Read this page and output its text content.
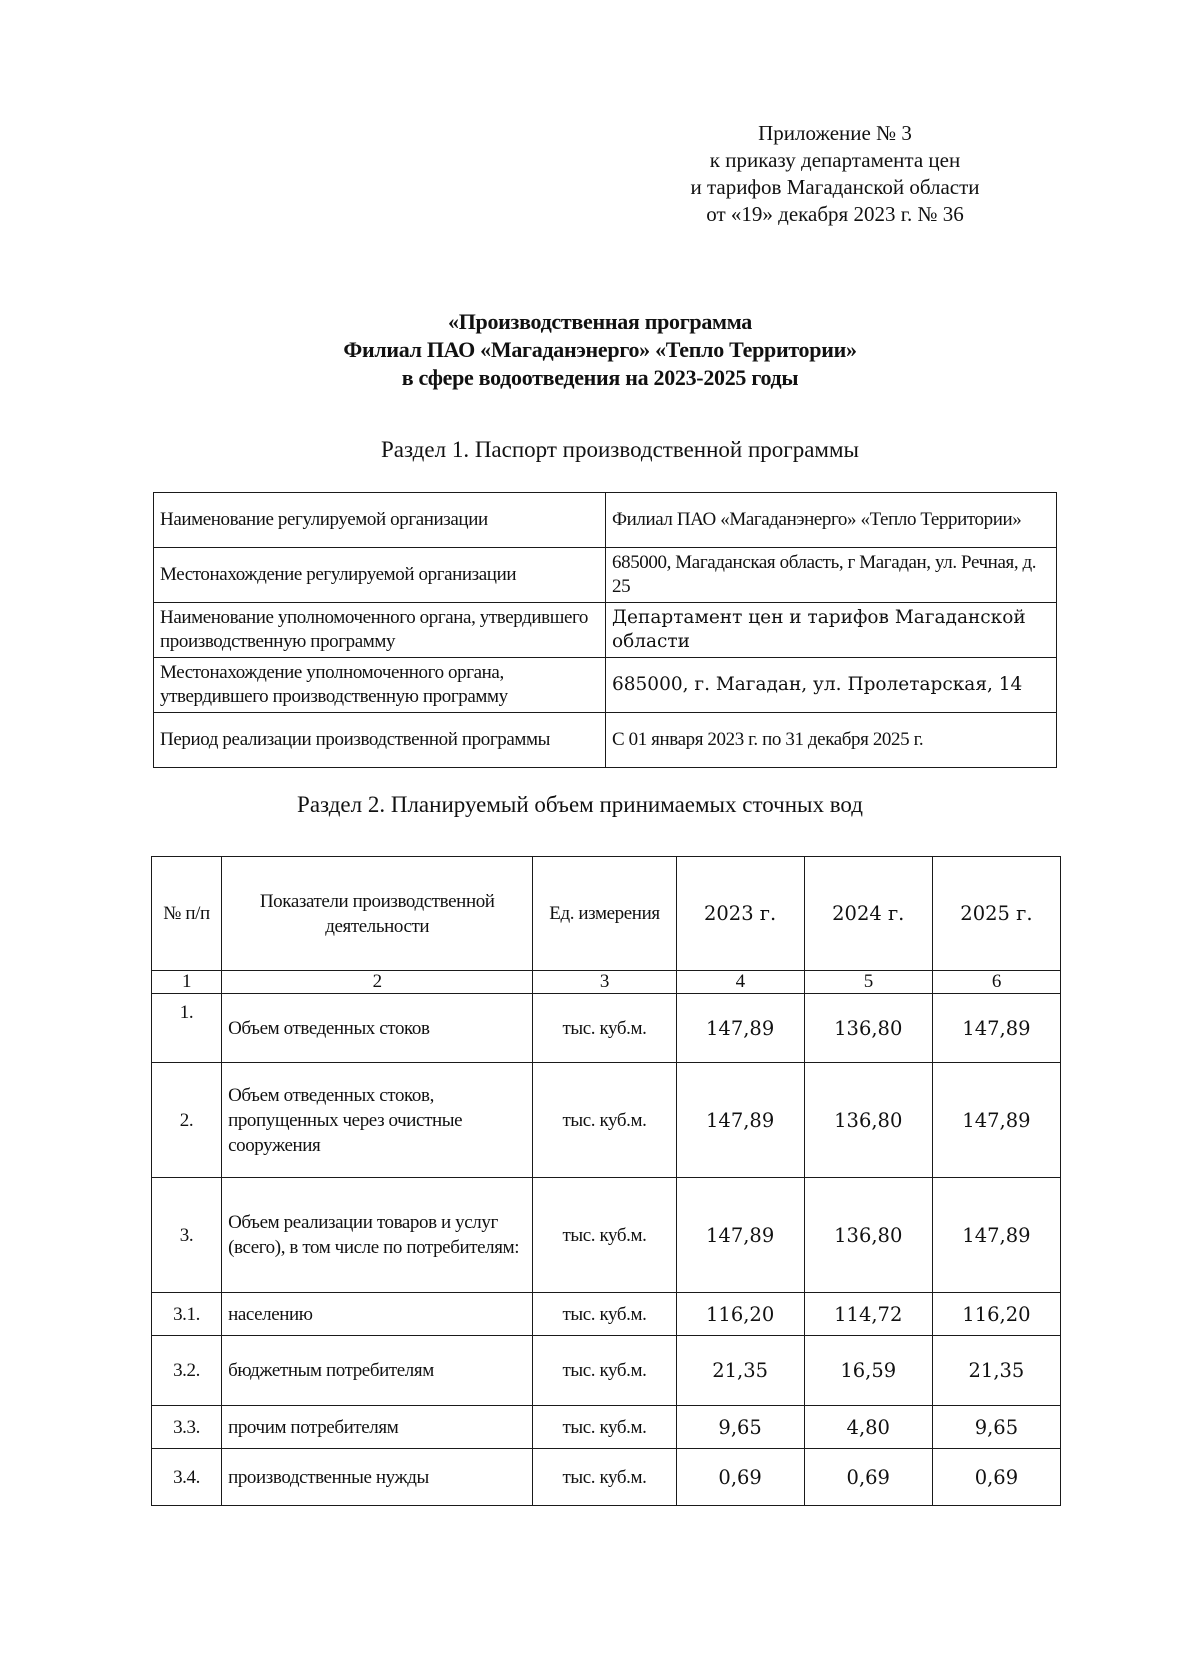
Приложение № 3
к приказу департамента цен
и тарифов Магаданской области
от «19» декабря 2023 г. № 36
«Производственная программа
Филиал ПАО «Магаданэнерго» «Тепло Территории»
в сфере водоотведения на 2023-2025 годы
Раздел 1. Паспорт производственной программы
Наименование регулируемой организации	Филиал ПАО «Магаданэнерго» «Тепло Территории»
Местонахождение регулируемой организации	685000, Магаданская область, г Магадан, ул. Речная, д. 25
Наименование уполномоченного органа, утвердившего производственную программу	Департамент цен и тарифов Магаданской области
Местонахождение уполномоченного органа, утвердившего производственную программу	685000, г. Магадан, ул. Пролетарская, 14
Период реализации производственной программы	С 01 января 2023 г. по 31 декабря 2025 г.
Раздел 2. Планируемый объем принимаемых сточных вод
№ п/п	Показатели производственной деятельности	Ед. измерения	2023 г.	2024 г.	2025 г.
1	2	3	4	5	6
1.	Объем отведенных стоков	тыс. куб.м.	147,89	136,80	147,89
2.	Объем отведенных стоков, пропущенных через очистные сооружения	тыс. куб.м.	147,89	136,80	147,89
3.	Объем реализации товаров и услуг (всего), в том числе по потребителям:	тыс. куб.м.	147,89	136,80	147,89
3.1.	населению	тыс. куб.м.	116,20	114,72	116,20
3.2.	бюджетным потребителям	тыс. куб.м.	21,35	16,59	21,35
3.3.	прочим потребителям	тыс. куб.м.	9,65	4,80	9,65
3.4.	производственные нужды	тыс. куб.м.	0,69	0,69	0,69
